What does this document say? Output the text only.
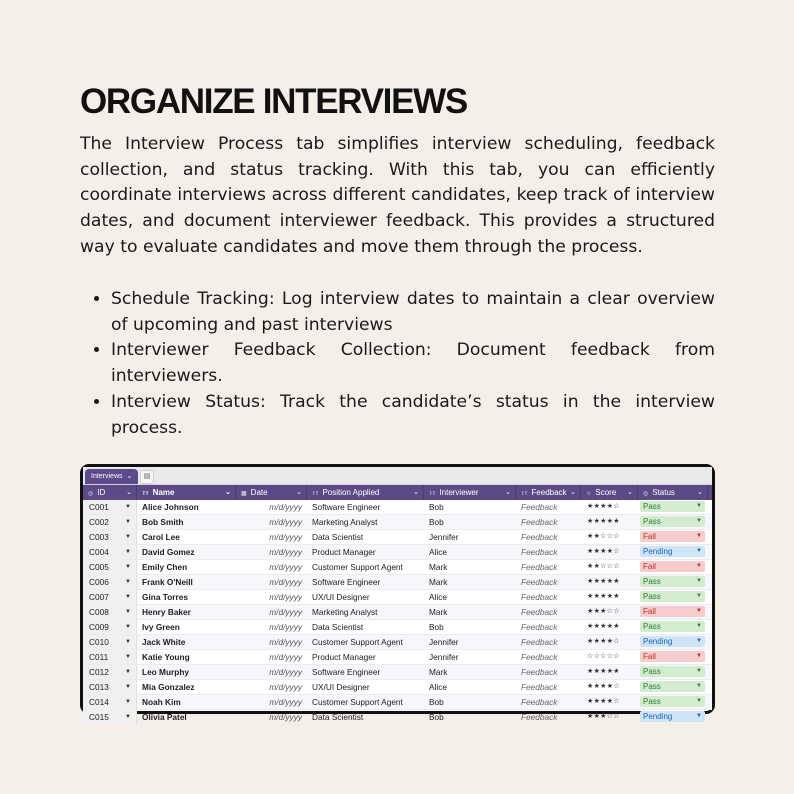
ORGANIZE INTERVIEWS

The Interview Process tab simplifies interview scheduling, feedback collection, and status tracking. With this tab, you can efficiently coordinate interviews across different candidates, keep track of interview dates, and document interviewer feedback. This provides a structured way to evaluate candidates and move them through the process.

• Schedule Tracking: Log interview dates to maintain a clear overview of upcoming and past interviews
• Interviewer Feedback Collection: Document feedback from interviewers.
• Interview Status: Track the candidate’s status in the interview process.
Interviews ⌄	▤
◎ ID	⌄	Tт Name	⌄	▦ Date	⌄	Tт Position Applied	⌄	Tт Interviewer	⌄	Tт Feedback ⌄	☆ Score ⌄	◎ Status	⌄
C001	▼	Alice Johnson	m/d/yyyy	Software Engineer	Bob	Feedback	★★★★☆	Pass	▼
C002	▼	Bob Smith	m/d/yyyy	Marketing Analyst	Bob	Feedback	★★★★★	Pass	▼
C003	▼	Carol Lee	m/d/yyyy	Data Scientist	Jennifer	Feedback	★★☆☆☆	Fail	▼
C004	▼	David Gomez	m/d/yyyy	Product Manager	Alice	Feedback	★★★★☆	Pending	▼
C005	▼	Emily Chen	m/d/yyyy	Customer Support Agent	Mark	Feedback	★★☆☆☆	Fail	▼
C006	▼	Frank O'Neill	m/d/yyyy	Software Engineer	Mark	Feedback	★★★★★	Pass	▼
C007	▼	Gina Torres	m/d/yyyy	UX/UI Designer	Alice	Feedback	★★★★★	Pass	▼
C008	▼	Henry Baker	m/d/yyyy	Marketing Analyst	Mark	Feedback	★★★☆☆	Fail	▼
C009	▼	Ivy Green	m/d/yyyy	Data Scientist	Bob	Feedback	★★★★★	Pass	▼
C010	▼	Jack White	m/d/yyyy	Customer Support Agent	Jennifer	Feedback	★★★★☆	Pending	▼
C011	▼	Katie Young	m/d/yyyy	Product Manager	Jennifer	Feedback	☆☆☆☆☆	Fail	▼
C012	▼	Leo Murphy	m/d/yyyy	Software Engineer	Mark	Feedback	★★★★★	Pass	▼
C013	▼	Mia Gonzalez	m/d/yyyy	UX/UI Designer	Alice	Feedback	★★★★☆	Pass	▼
C014	▼	Noah Kim	m/d/yyyy	Customer Support Agent	Bob	Feedback	★★★★☆	Pass	▼
C015	▼	Olivia Patel	m/d/yyyy	Data Scientist	Bob	Feedback	★★★☆☆	Pending	▼
